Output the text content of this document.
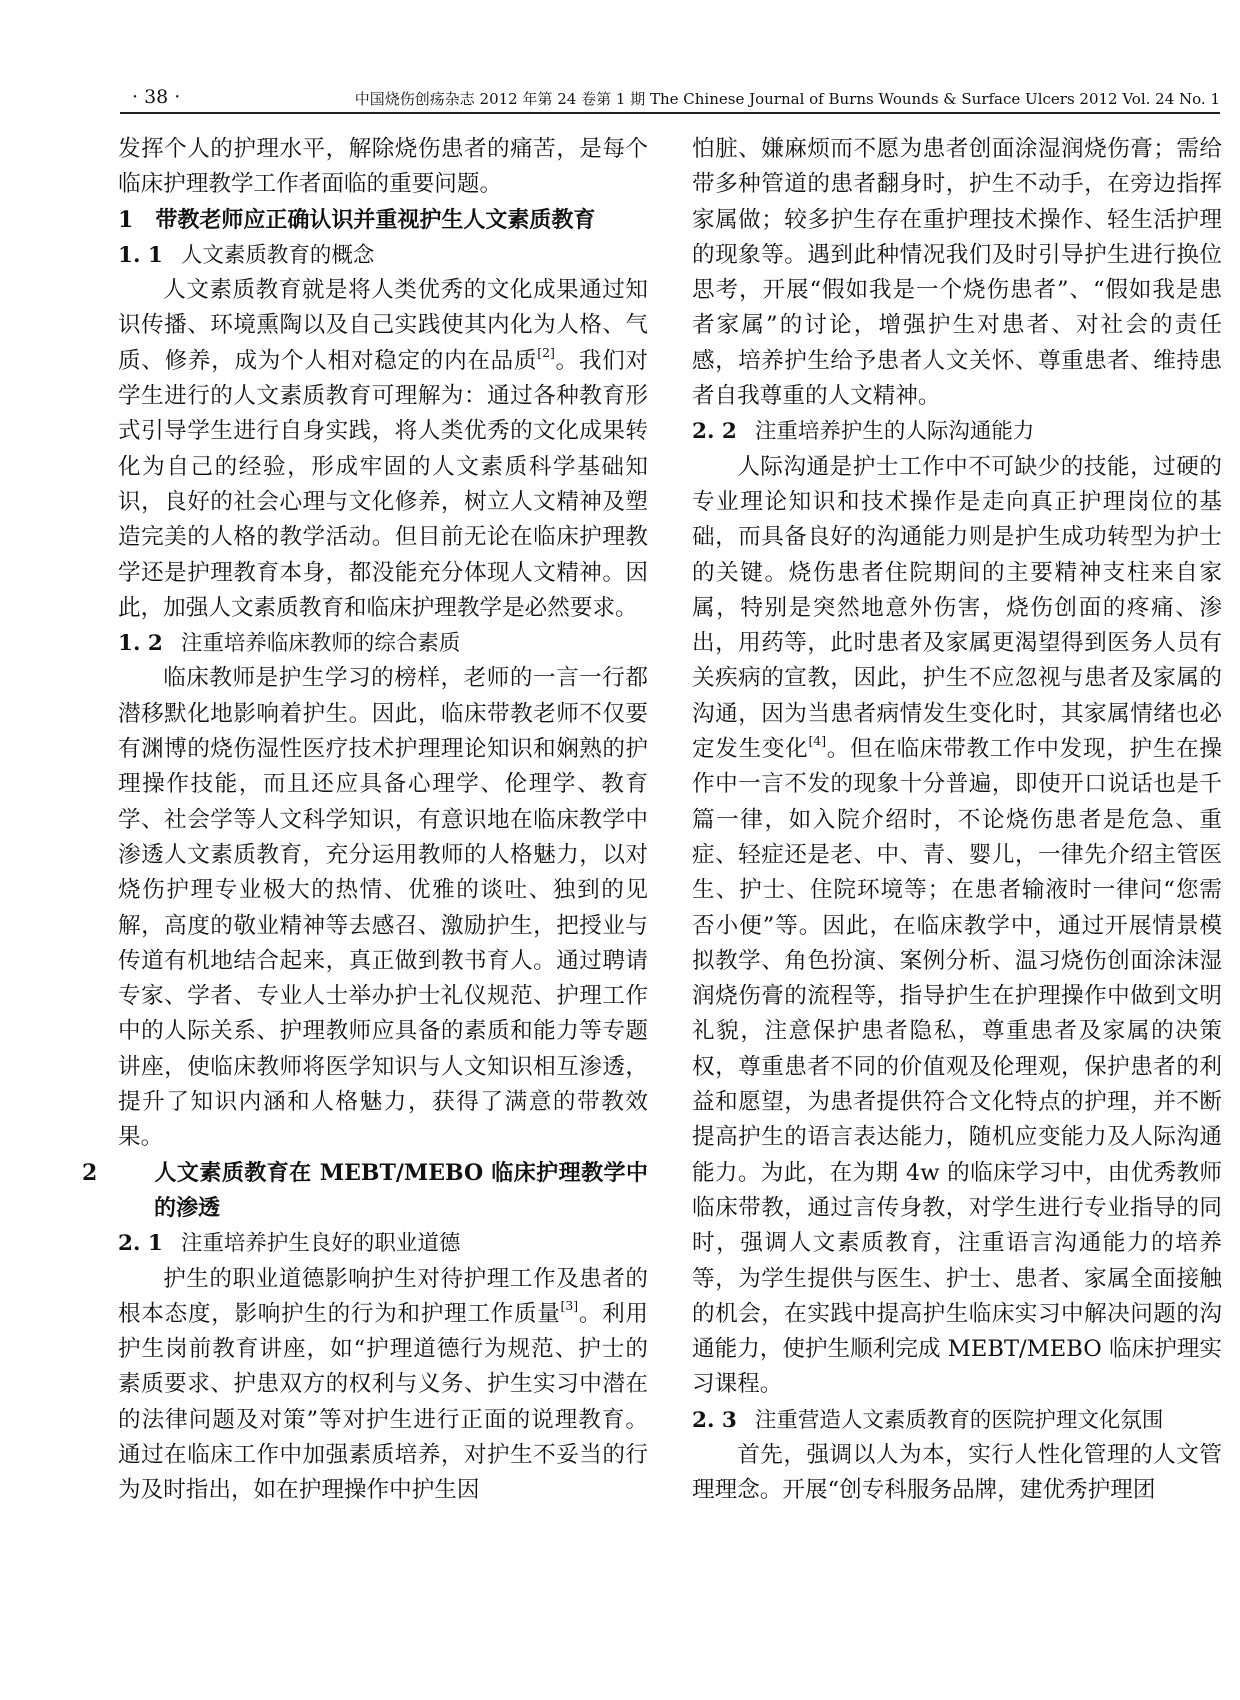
· 38 ·	中国烧伤创疡杂志 2012 年第 24 卷第 1 期 The Chinese Journal of Burns Wounds & Surface Ulcers 2012 Vol. 24 No. 1

发挥个人的护理水平，解除烧伤患者的痛苦，是每个临床护理教学工作者面临的重要问题。

1 带教老师应正确认识并重视护生人文素质教育
1. 1 人文素质教育的概念

人文素质教育就是将人类优秀的文化成果通过知识传播、环境熏陶以及自己实践使其内化为人格、气质、修养，成为个人相对稳定的内在品质[2]。我们对学生进行的人文素质教育可理解为：通过各种教育形式引导学生进行自身实践，将人类优秀的文化成果转化为自己的经验，形成牢固的人文素质科学基础知识，良好的社会心理与文化修养，树立人文精神及塑造完美的人格的教学活动。但目前无论在临床护理教学还是护理教育本身，都没能充分体现人文精神。因此，加强人文素质教育和临床护理教学是必然要求。

1. 2 注重培养临床教师的综合素质

临床教师是护生学习的榜样，老师的一言一行都潜移默化地影响着护生。因此，临床带教老师不仅要有渊博的烧伤湿性医疗技术护理理论知识和娴熟的护理操作技能，而且还应具备心理学、伦理学、教育学、社会学等人文科学知识，有意识地在临床教学中渗透人文素质教育，充分运用教师的人格魅力，以对烧伤护理专业极大的热情、优雅的谈吐、独到的见解，高度的敬业精神等去感召、激励护生，把授业与传道有机地结合起来，真正做到教书育人。通过聘请专家、学者、专业人士举办护士礼仪规范、护理工作中的人际关系、护理教师应具备的素质和能力等专题讲座，使临床教师将医学知识与人文知识相互渗透，提升了知识内涵和人格魅力，获得了满意的带教效果。

2	人文素质教育在 MEBT/MEBO 临床护理教学中的渗透
2. 1 注重培养护生良好的职业道德

护生的职业道德影响护生对待护理工作及患者的根本态度，影响护生的行为和护理工作质量[3]。利用护生岗前教育讲座，如“护理道德行为规范、护士的素质要求、护患双方的权利与义务、护生实习中潜在的法律问题及对策”等对护生进行正面的说理教育。通过在临床工作中加强素质培养，对护生不妥当的行为及时指出，如在护理操作中护生因

怕脏、嫌麻烦而不愿为患者创面涂湿润烧伤膏；需给带多种管道的患者翻身时，护生不动手，在旁边指挥家属做；较多护生存在重护理技术操作、轻生活护理的现象等。遇到此种情况我们及时引导护生进行换位思考，开展“假如我是一个烧伤患者”、“假如我是患者家属”的讨论，增强护生对患者、对社会的责任感，培养护生给予患者人文关怀、尊重患者、维持患者自我尊重的人文精神。

2. 2 注重培养护生的人际沟通能力

人际沟通是护士工作中不可缺少的技能，过硬的专业理论知识和技术操作是走向真正护理岗位的基础，而具备良好的沟通能力则是护生成功转型为护士的关键。烧伤患者住院期间的主要精神支柱来自家属，特别是突然地意外伤害，烧伤创面的疼痛、渗出，用药等，此时患者及家属更渴望得到医务人员有关疾病的宣教，因此，护生不应忽视与患者及家属的沟通，因为当患者病情发生变化时，其家属情绪也必定发生变化[4]。但在临床带教工作中发现，护生在操作中一言不发的现象十分普遍，即使开口说话也是千篇一律，如入院介绍时，不论烧伤患者是危急、重症、轻症还是老、中、青、婴儿，一律先介绍主管医生、护士、住院环境等；在患者输液时一律问“您需否小便”等。因此，在临床教学中，通过开展情景模拟教学、角色扮演、案例分析、温习烧伤创面涂沫湿润烧伤膏的流程等，指导护生在护理操作中做到文明礼貌，注意保护患者隐私，尊重患者及家属的决策权，尊重患者不同的价值观及伦理观，保护患者的利益和愿望，为患者提供符合文化特点的护理，并不断提高护生的语言表达能力，随机应变能力及人际沟通能力。为此，在为期 4w 的临床学习中，由优秀教师临床带教，通过言传身教，对学生进行专业指导的同时，强调人文素质教育，注重语言沟通能力的培养等，为学生提供与医生、护士、患者、家属全面接触的机会，在实践中提高护生临床实习中解决问题的沟通能力，使护生顺利完成 MEBT/MEBO 临床护理实习课程。

2. 3 注重营造人文素质教育的医院护理文化氛围

首先，强调以人为本，实行人性化管理的人文管理理念。开展“创专科服务品牌，建优秀护理团
